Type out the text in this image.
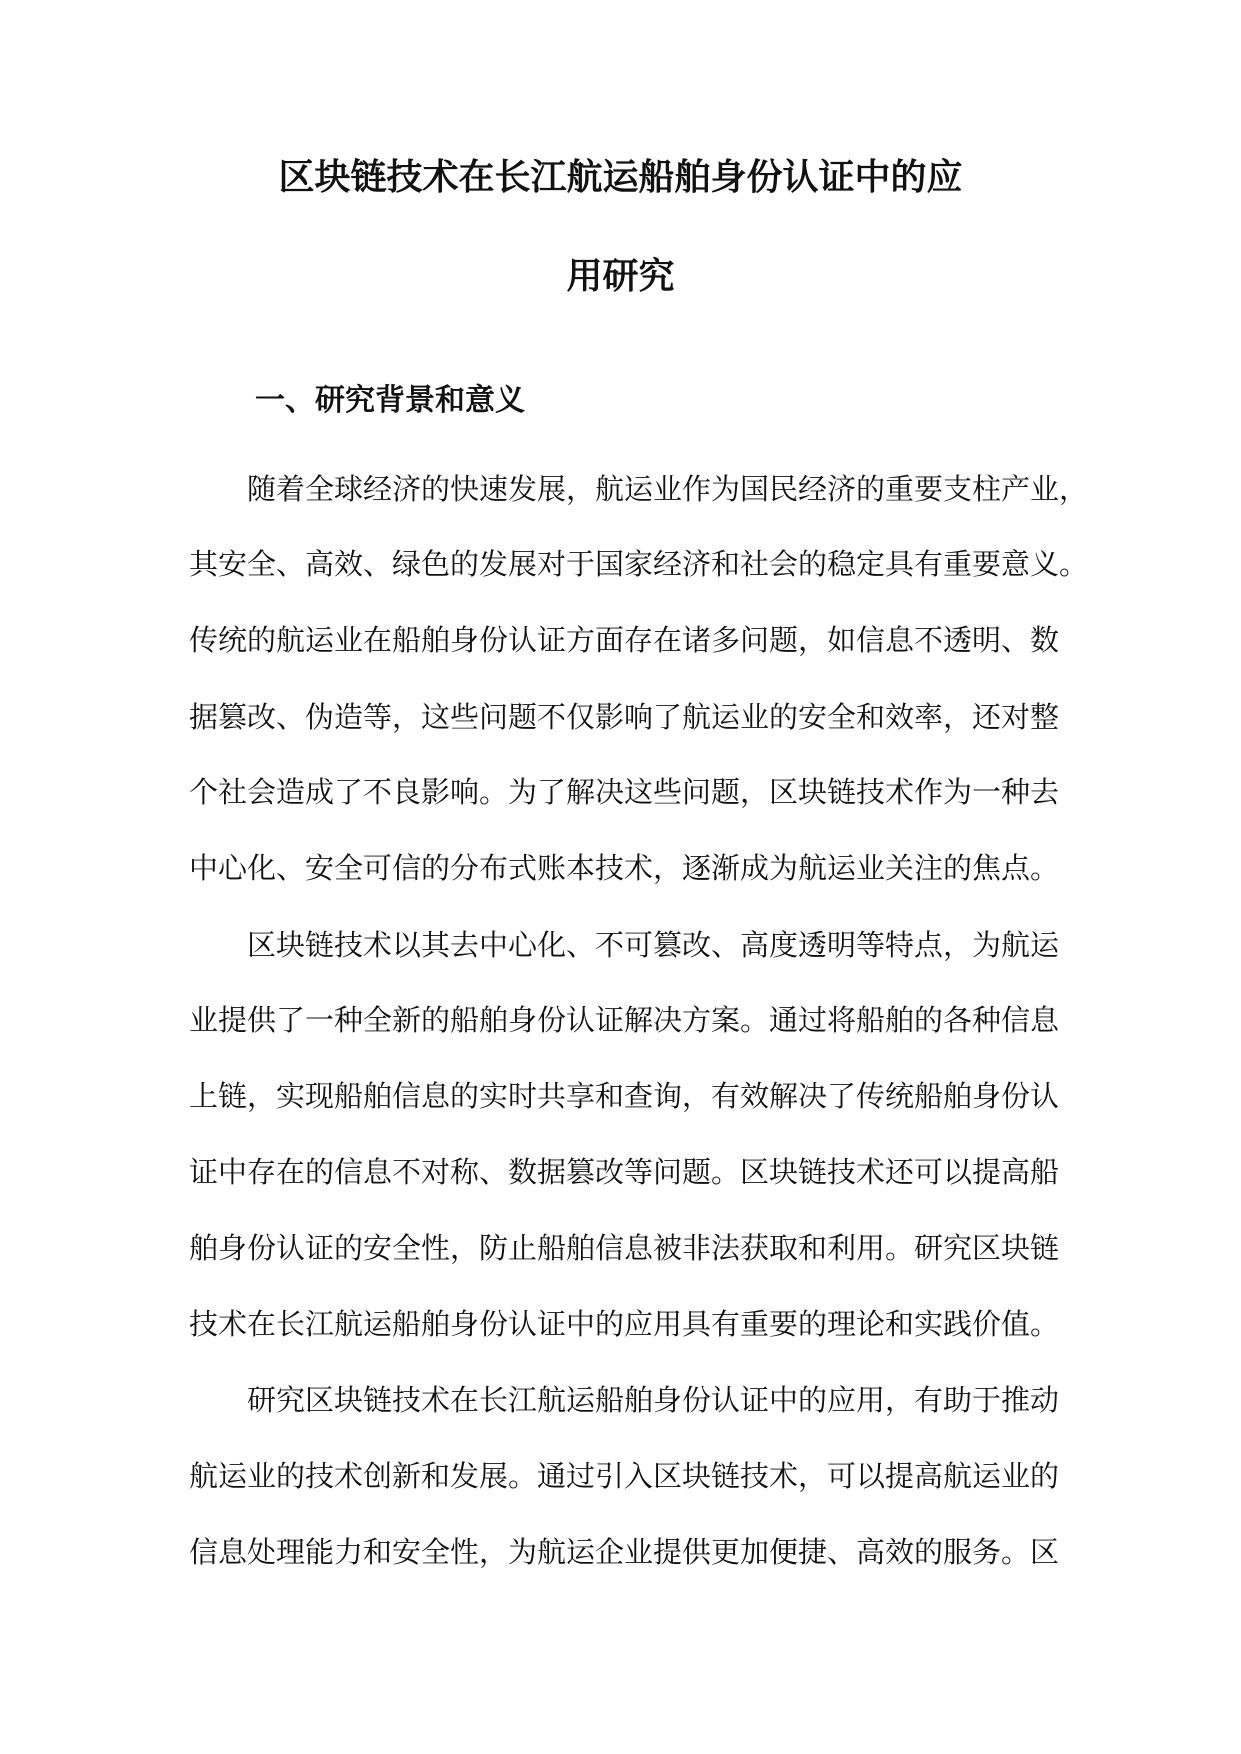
区块链技术在长江航运船舶身份认证中的应
用研究
一、研究背景和意义

随着全球经济的快速发展，航运业作为国民经济的重要支柱产业，

其安全、高效、绿色的发展对于国家经济和社会的稳定具有重要意义。

传统的航运业在船舶身份认证方面存在诸多问题，如信息不透明、数

据篡改、伪造等，这些问题不仅影响了航运业的安全和效率，还对整

个社会造成了不良影响。为了解决这些问题，区块链技术作为一种去

中心化、安全可信的分布式账本技术，逐渐成为航运业关注的焦点。

区块链技术以其去中心化、不可篡改、高度透明等特点，为航运

业提供了一种全新的船舶身份认证解决方案。通过将船舶的各种信息

上链，实现船舶信息的实时共享和查询，有效解决了传统船舶身份认

证中存在的信息不对称、数据篡改等问题。区块链技术还可以提高船

舶身份认证的安全性，防止船舶信息被非法获取和利用。研究区块链

技术在长江航运船舶身份认证中的应用具有重要的理论和实践价值。

研究区块链技术在长江航运船舶身份认证中的应用，有助于推动

航运业的技术创新和发展。通过引入区块链技术，可以提高航运业的

信息处理能力和安全性，为航运企业提供更加便捷、高效的服务。区
